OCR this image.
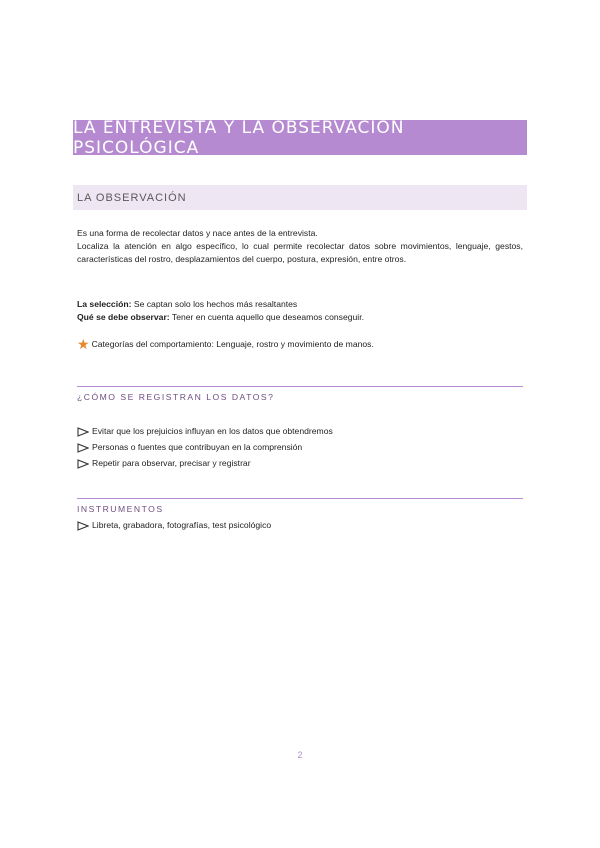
LA ENTREVISTA Y LA OBSERVACIÓN PSICOLÓGICA
LA OBSERVACIÓN

Es una forma de recolectar datos y nace antes de la entrevista.

Localiza la atención en algo específico, lo cual permite recolectar datos sobre movimientos, lenguaje, gestos, características del rostro, desplazamientos del cuerpo, postura, expresión, entre otros.

La selección: Se captan solo los hechos más resaltantes
Qué se debe observar: Tener en cuenta aquello que deseamos conseguir.
★ Categorías del comportamiento: Lenguaje, rostro y movimiento de manos.
¿CÓMO SE REGISTRAN LOS DATOS?
Evitar que los prejuicios influyan en los datos que obtendremos
Personas o fuentes que contribuyan en la comprensión
Repetir para observar, precisar y registrar
INSTRUMENTOS
Libreta, grabadora, fotografías, test psicológico
2
